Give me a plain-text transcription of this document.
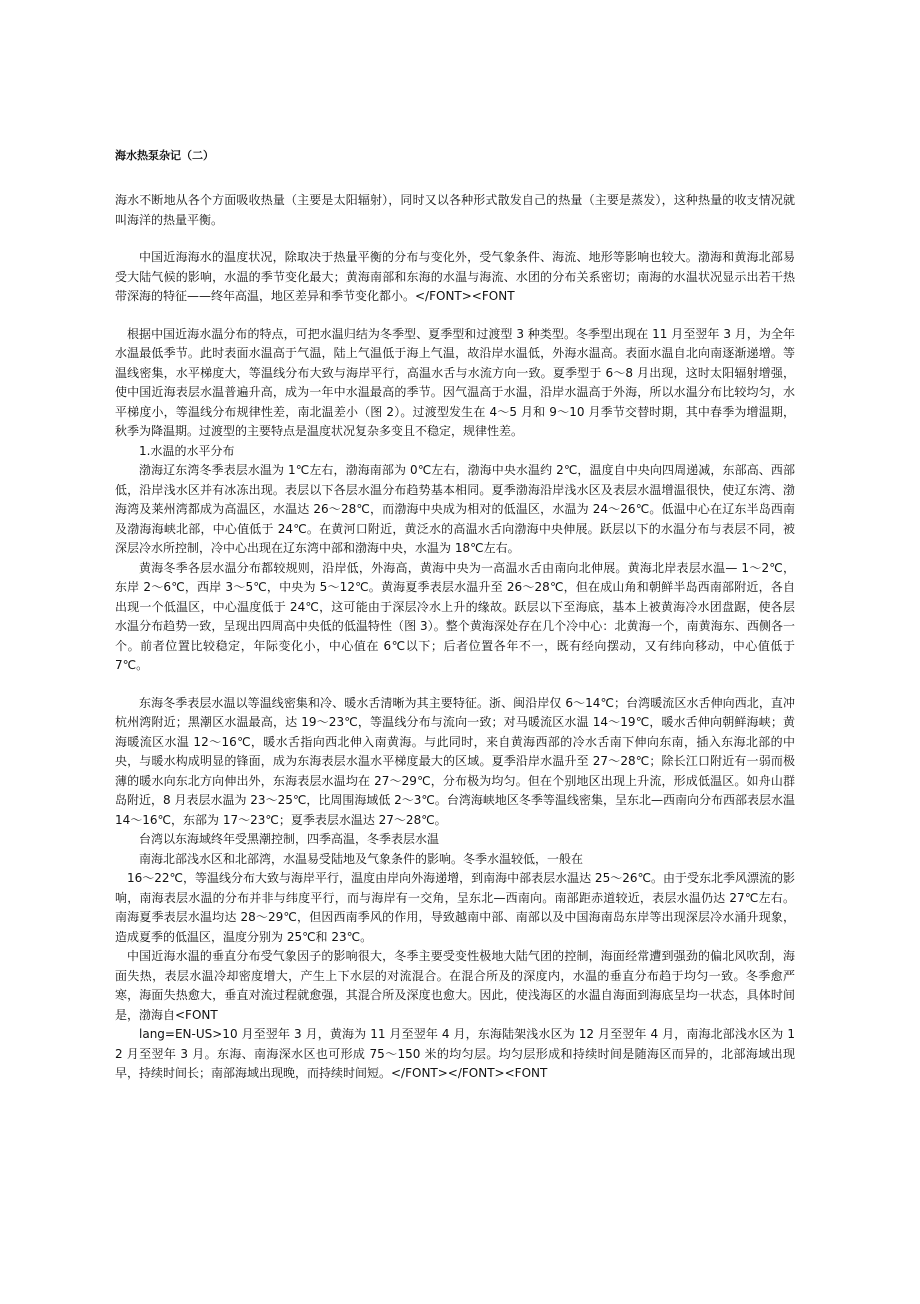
海水热泵杂记（二）

海水不断地从各个方面吸收热量（主要是太阳辐射），同时又以各种形式散发自己的热量（主要是蒸发），这种热量的收支情况就叫海洋的热量平衡。

中国近海海水的温度状况，除取决于热量平衡的分布与变化外，受气象条件、海流、地形等影响也较大。渤海和黄海北部易受大陆气候的影响，水温的季节变化最大；黄海南部和东海的水温与海流、水团的分布关系密切；南海的水温状况显示出若干热带深海的特征——终年高温，地区差异和季节变化都小。</FONT><FONT

根据中国近海水温分布的特点，可把水温归结为冬季型、夏季型和过渡型 3 种类型。冬季型出现在 11 月至翌年 3 月，为全年水温最低季节。此时表面水温高于气温，陆上气温低于海上气温，故沿岸水温低，外海水温高。表面水温自北向南逐渐递增。等温线密集，水平梯度大，等温线分布大致与海岸平行，高温水舌与水流方向一致。夏季型于 6～8 月出现，这时太阳辐射增强，使中国近海表层水温普遍升高，成为一年中水温最高的季节。因气温高于水温，沿岸水温高于外海，所以水温分布比较均匀，水平梯度小，等温线分布规律性差，南北温差小（图 2）。过渡型发生在 4～5 月和 9～10 月季节交替时期，其中春季为增温期，秋季为降温期。过渡型的主要特点是温度状况复杂多变且不稳定，规律性差。

1.水温的水平分布

渤海辽东湾冬季表层水温为 1℃左右，渤海南部为 0℃左右，渤海中央水温约 2℃，温度自中央向四周递减，东部高、西部低，沿岸浅水区并有冰冻出现。表层以下各层水温分布趋势基本相同。夏季渤海沿岸浅水区及表层水温增温很快，使辽东湾、渤海湾及莱州湾都成为高温区，水温达 26～28℃，而渤海中央成为相对的低温区，水温为 24～26℃。低温中心在辽东半岛西南及渤海海峡北部，中心值低于 24℃。在黄河口附近，黄泛水的高温水舌向渤海中央伸展。跃层以下的水温分布与表层不同，被深层冷水所控制，冷中心出现在辽东湾中部和渤海中央，水温为 18℃左右。

黄海冬季各层水温分布都较规则，沿岸低，外海高，黄海中央为一高温水舌由南向北伸展。黄海北岸表层水温— 1～2℃，东岸 2～6℃，西岸 3～5℃，中央为 5～12℃。黄海夏季表层水温升至 26～28℃，但在成山角和朝鲜半岛西南部附近，各自出现一个低温区，中心温度低于 24℃，这可能由于深层冷水上升的缘故。跃层以下至海底，基本上被黄海冷水团盘踞，使各层水温分布趋势一致，呈现出四周高中央低的低温特性（图 3）。整个黄海深处存在几个冷中心：北黄海一个，南黄海东、西侧各一个。前者位置比较稳定，年际变化小，中心值在 6℃以下；后者位置各年不一，既有经向摆动，又有纬向移动，中心值低于 7℃。

东海冬季表层水温以等温线密集和冷、暖水舌清晰为其主要特征。浙、闽沿岸仅 6～14℃；台湾暖流区水舌伸向西北，直冲杭州湾附近；黑潮区水温最高，达 19～23℃，等温线分布与流向一致；对马暖流区水温 14～19℃，暖水舌伸向朝鲜海峡；黄海暖流区水温 12～16℃，暖水舌指向西北伸入南黄海。与此同时，来自黄海西部的冷水舌南下伸向东南，插入东海北部的中央，与暖水构成明显的锋面，成为东海表层水温水平梯度最大的区域。夏季沿岸水温升至 27～28℃；除长江口附近有一弱而极薄的暖水向东北方向伸出外，东海表层水温均在 27～29℃，分布极为均匀。但在个别地区出现上升流，形成低温区。如舟山群岛附近，8 月表层水温为 23～25℃，比周围海域低 2～3℃。台湾海峡地区冬季等温线密集，呈东北—西南向分布西部表层水温 14～16℃，东部为 17～23℃；夏季表层水温达 27～28℃。

台湾以东海域终年受黑潮控制，四季高温，冬季表层水温

南海北部浅水区和北部湾，水温易受陆地及气象条件的影响。冬季水温较低，一般在

16～22℃，等温线分布大致与海岸平行，温度由岸向外海递增，到南海中部表层水温达 25～26℃。由于受东北季风漂流的影响，南海表层水温的分布并非与纬度平行，而与海岸有一交角，呈东北—西南向。南部距赤道较近，表层水温仍达 27℃左右。南海夏季表层水温均达 28～29℃，但因西南季风的作用，导致越南中部、南部以及中国海南岛东岸等出现深层冷水涌升现象，造成夏季的低温区，温度分别为 25℃和 23℃。

中国近海水温的垂直分布受气象因子的影响很大，冬季主要受变性极地大陆气团的控制，海面经常遭到强劲的偏北风吹刮，海面失热，表层水温冷却密度增大，产生上下水层的对流混合。在混合所及的深度内，水温的垂直分布趋于均匀一致。冬季愈严寒，海面失热愈大，垂直对流过程就愈强，其混合所及深度也愈大。因此，使浅海区的水温自海面到海底呈均一状态，具体时间是，渤海自<FONT

lang=EN-US>10 月至翌年 3 月，黄海为 11 月至翌年 4 月，东海陆架浅水区为 12 月至翌年 4 月，南海北部浅水区为 12 月至翌年 3 月。东海、南海深水区也可形成 75～150 米的均匀层。均匀层形成和持续时间是随海区而异的，北部海域出现早，持续时间长；南部海域出现晚，而持续时间短。</FONT></FONT><FONT
